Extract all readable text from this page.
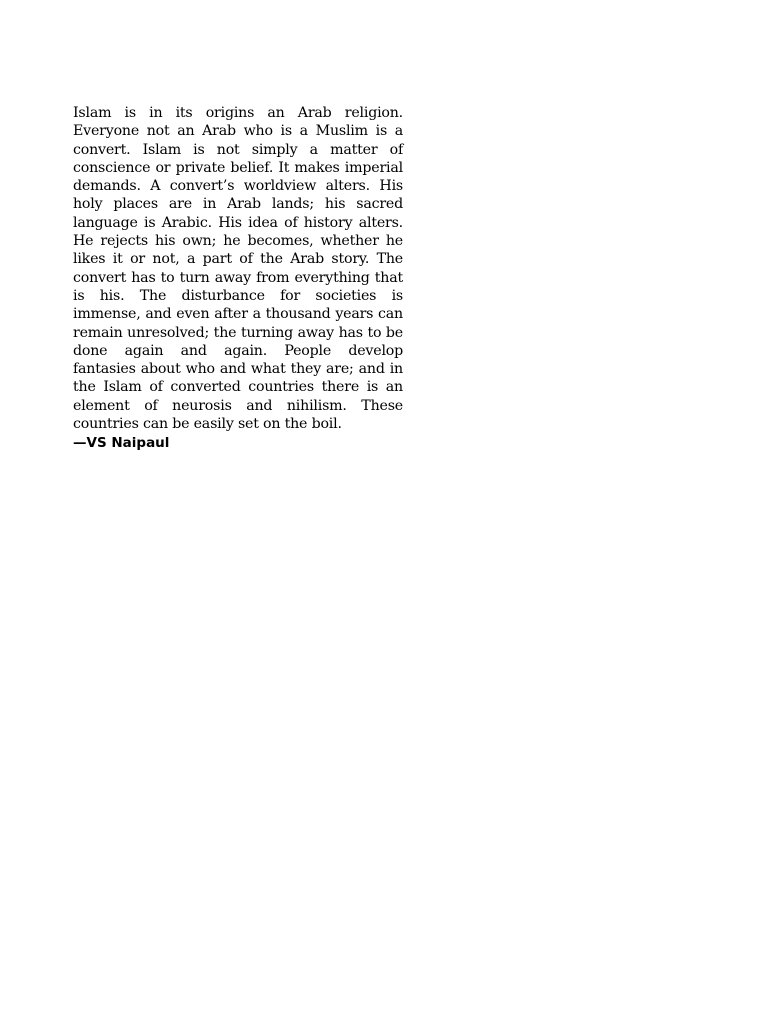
Islam is in its origins an Arab religion. Everyone not an Arab who is a Muslim is a convert. Islam is not simply a matter of conscience or private belief. It makes imperial demands. A convert’s worldview alters. His holy places are in Arab lands; his sacred language is Arabic. His idea of history alters. He rejects his own; he becomes, whether he likes it or not, a part of the Arab story. The convert has to turn away from everything that is his. The disturbance for societies is immense, and even after a thousand years can remain unresolved; the turning away has to be done again and again. People develop fantasies about who and what they are; and in the Islam of converted countries there is an element of neurosis and nihilism. These countries can be easily set on the boil.

—VS Naipaul
